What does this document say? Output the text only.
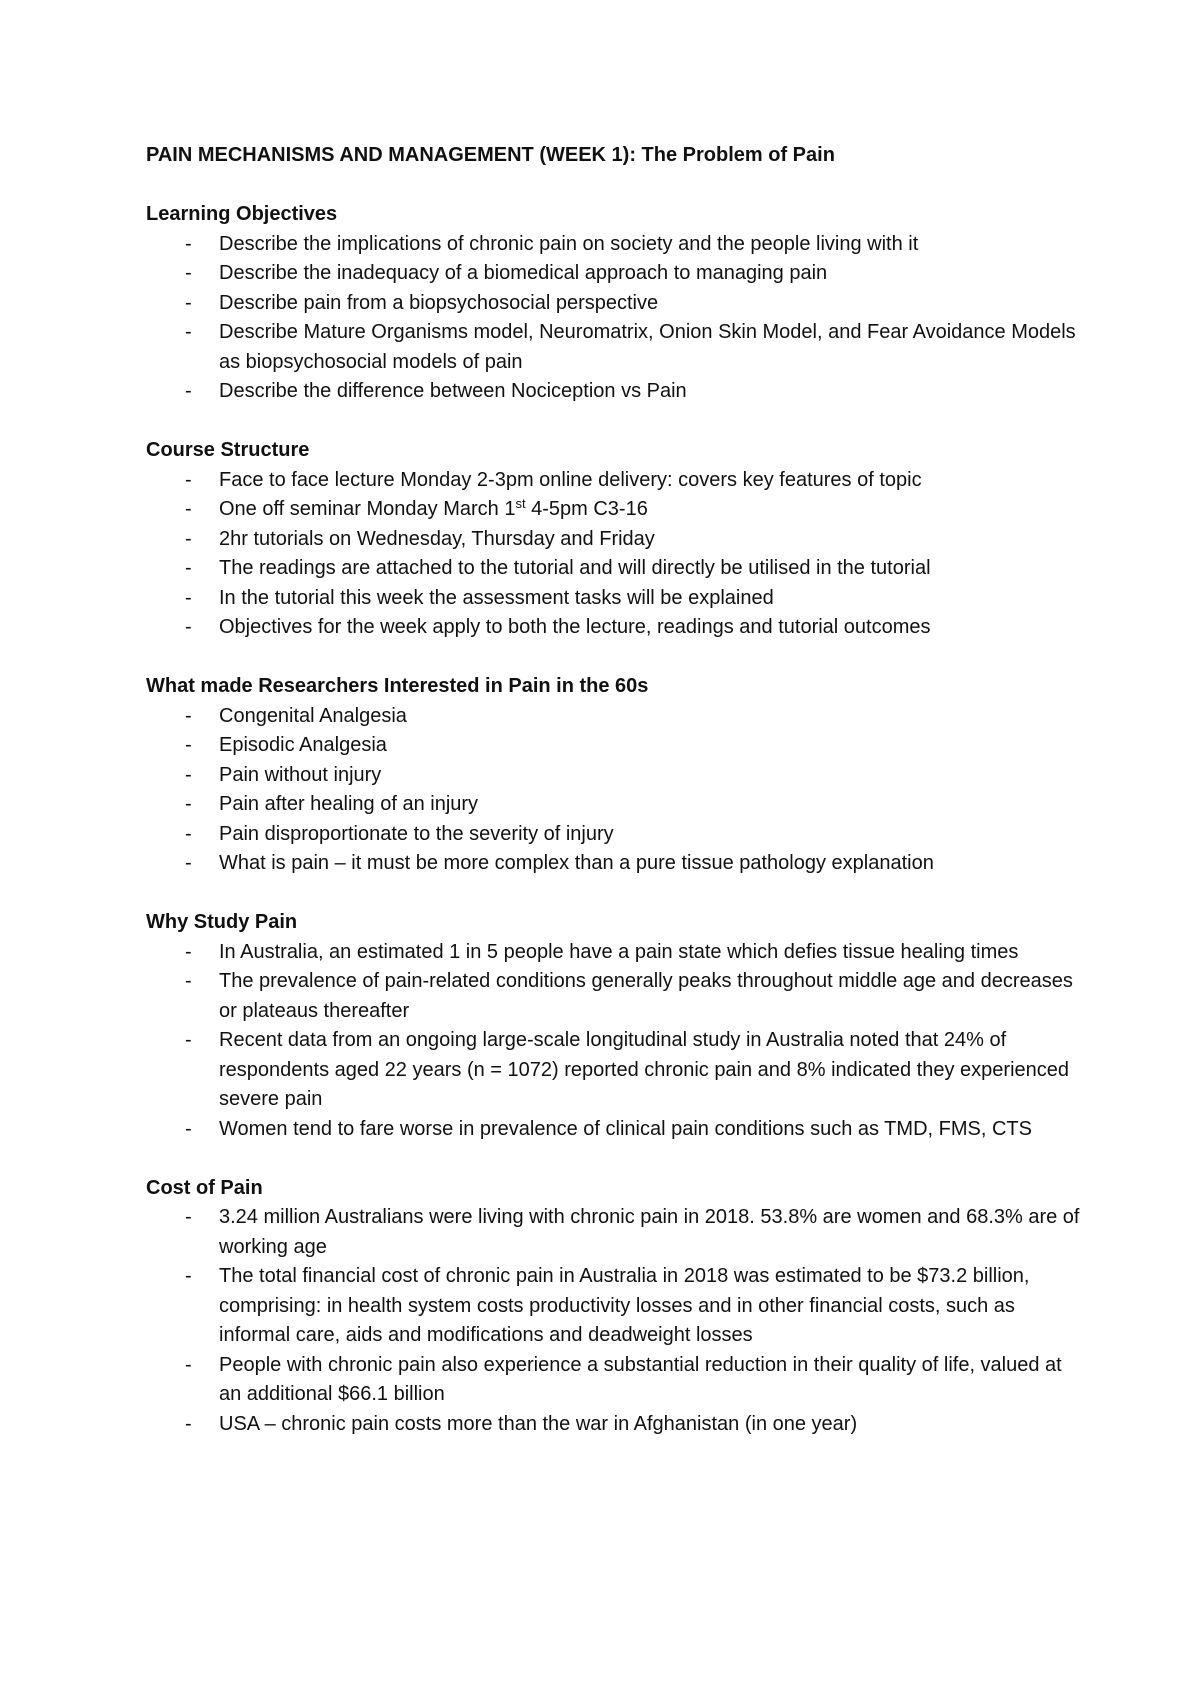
PAIN MECHANISMS AND MANAGEMENT (WEEK 1): The Problem of Pain
Learning Objectives
- Describe the implications of chronic pain on society and the people living with it
- Describe the inadequacy of a biomedical approach to managing pain
- Describe pain from a biopsychosocial perspective
- Describe Mature Organisms model, Neuromatrix, Onion Skin Model, and Fear Avoidance Models as biopsychosocial models of pain
- Describe the difference between Nociception vs Pain
Course Structure
- Face to face lecture Monday 2-3pm online delivery: covers key features of topic
- One off seminar Monday March 1st 4-5pm C3-16
- 2hr tutorials on Wednesday, Thursday and Friday
- The readings are attached to the tutorial and will directly be utilised in the tutorial
- In the tutorial this week the assessment tasks will be explained
- Objectives for the week apply to both the lecture, readings and tutorial outcomes
What made Researchers Interested in Pain in the 60s
- Congenital Analgesia
- Episodic Analgesia
- Pain without injury
- Pain after healing of an injury
- Pain disproportionate to the severity of injury
- What is pain – it must be more complex than a pure tissue pathology explanation
Why Study Pain
- In Australia, an estimated 1 in 5 people have a pain state which defies tissue healing times
- The prevalence of pain-related conditions generally peaks throughout middle age and decreases or plateaus thereafter
- Recent data from an ongoing large-scale longitudinal study in Australia noted that 24% of respondents aged 22 years (n = 1072) reported chronic pain and 8% indicated they experienced severe pain
- Women tend to fare worse in prevalence of clinical pain conditions such as TMD, FMS, CTS
Cost of Pain
- 3.24 million Australians were living with chronic pain in 2018. 53.8% are women and 68.3% are of working age
- The total financial cost of chronic pain in Australia in 2018 was estimated to be $73.2 billion, comprising: in health system costs productivity losses and in other financial costs, such as informal care, aids and modifications and deadweight losses
- People with chronic pain also experience a substantial reduction in their quality of life, valued at an additional $66.1 billion
- USA – chronic pain costs more than the war in Afghanistan (in one year)
